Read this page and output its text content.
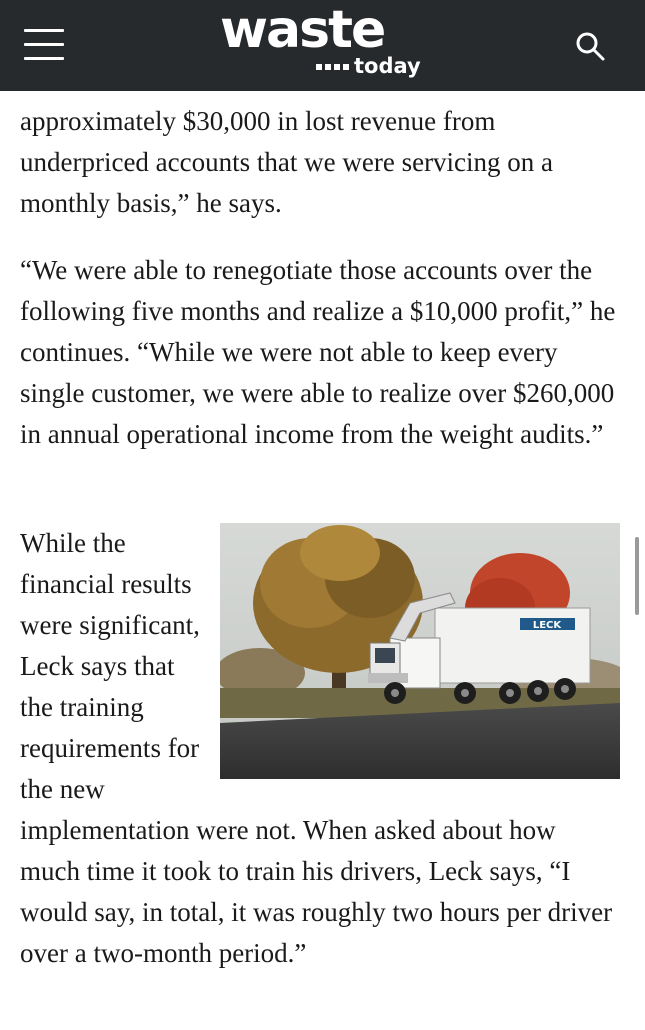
waste
today

approximately $30,000 in lost revenue from underpriced accounts that we were servicing on a monthly basis,” he says.

“We were able to renegotiate those accounts over the following five months and realize a $10,000 profit,” he continues. “While we were not able to keep every single customer, we were able to realize over $260,000 in annual operational income from the weight audits.”

LECK
While the financial results were significant, Leck says that the training requirements for the new implementation were not. When asked about how much time it took to train his drivers, Leck says, “I would say, in total, it was roughly two hours per driver over a two-month period.”
